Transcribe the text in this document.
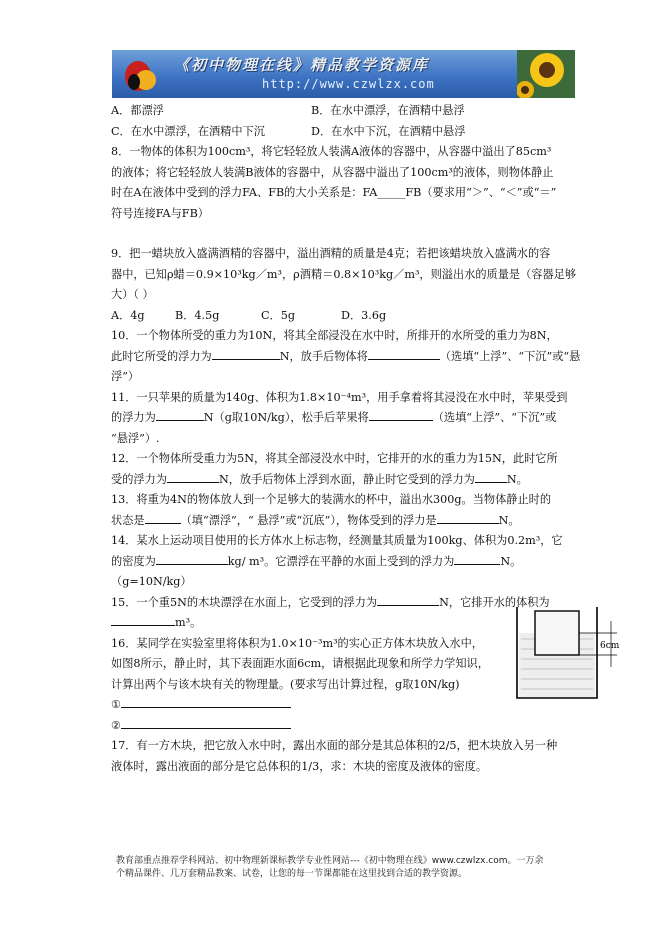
《初中物理在线》精品教学资源库
http://www.czwlzx.com
A．都漂浮	B．在水中漂浮，在酒精中悬浮
C．在水中漂浮，在酒精中下沉	D．在水中下沉，在酒精中悬浮
8．一物体的体积为100cm³，将它轻轻放人装满A液体的容器中，从容器中溢出了85cm³
的液体；将它轻轻放人装满B液体的容器中，从容器中溢出了100cm³的液体，则物体静止
时在A在液体中受到的浮力FA、FB的大小关系是：FA_____FB（要求用“＞”、“＜”或“＝”
符号连接FA与FB）
9．把一蜡块放入盛满酒精的容器中，溢出酒精的质量是4克；若把该蜡块放入盛满水的容
器中，已知ρ蜡＝0.9×10³kg／m³，ρ酒精＝0.8×10³kg／m³，则溢出水的质量是（容器足够
大）（ ）
A．4g	B．4.5g	C．5g	D．3.6g
10．一个物体所受的重力为10N，将其全部浸没在水中时，所排开的水所受的重力为8N，
此时它所受的浮力为	N，放手后物体将	（选填“上浮”、“下沉”或“悬
浮”）
11．一只苹果的质量为140g、体积为1.8×10⁻⁴m³，用手拿着将其浸没在水中时，苹果受到
的浮力为	N（g取10N/kg），松手后苹果将	（选填“上浮”、“下沉”或
“悬浮”）.
12．一个物体所受重力为5N，将其全部浸没水中时，它排开的水的重力为15N，此时它所
受的浮力为	N，放手后物体上浮到水面，静止时它受到的浮力为	N。
13．将重为4N的物体放人到一个足够大的装满水的杯中，溢出水300g。当物体静止时的
状态是	（填“漂浮”，“ 悬浮”或“沉底”），物体受到的浮力是	N。
14．某水上运动项目使用的长方体水上标志物，经测量其质量为100kg、体积为0.2m³，它
的密度为	kg/ m³。它漂浮在平静的水面上受到的浮力为	N。
（g=10N/kg）
15．一个重5N的木块漂浮在水面上，它受到的浮力为	N，它排开水的体积为
m³。
16．某同学在实验室里将体积为1.0×10⁻³m³的实心正方体木块放入水中，
如图8所示，静止时，其下表面距水面6cm，请根据此现象和所学力学知识，
计算出两个与该木块有关的物理量。(要求写出计算过程，g取10N/kg)
①
②
17．有一方木块，把它放入水中时，露出水面的部分是其总体积的2/5，把木块放入另一种
液体时，露出液面的部分是它总体积的1/3，求：木块的密度及液体的密度。
6cm
教育部重点推荐学科网站、初中物理新课标教学专业性网站---《初中物理在线》www.czwlzx.com。一万余
个精品课件、几万套精品教案、试卷，让您的每一节课都能在这里找到合适的教学资源。
